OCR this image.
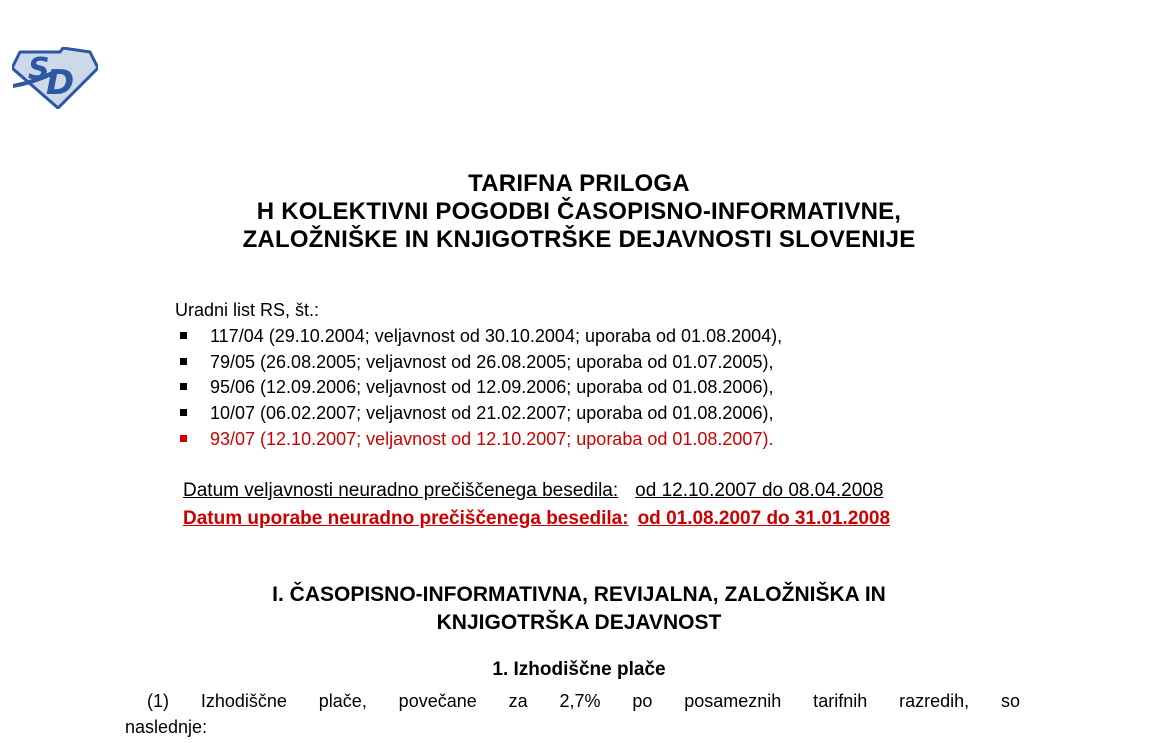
S
D
TARIFNA PRILOGA
H KOLEKTIVNI POGODBI ČASOPISNO-INFORMATIVNE,
ZALOŽNIŠKE IN KNJIGOTRŠKE DEJAVNOSTI SLOVENIJE
Uradni list RS, št.:
117/04 (29.10.2004; veljavnost od 30.10.2004; uporaba od 01.08.2004),
79/05 (26.08.2005; veljavnost od 26.08.2005; uporaba od 01.07.2005),
95/06 (12.09.2006; veljavnost od 12.09.2006; uporaba od 01.08.2006),
10/07 (06.02.2007; veljavnost od 21.02.2007; uporaba od 01.08.2006),
93/07 (12.10.2007; veljavnost od 12.10.2007; uporaba od 01.08.2007).
Datum veljavnosti neuradno prečiščenega besedila: od 12.10.2007 do 08.04.2008
Datum uporabe neuradno prečiščenega besedila: od 01.08.2007 do 31.01.2008
I. ČASOPISNO-INFORMATIVNA, REVIJALNA, ZALOŽNIŠKA IN
KNJIGOTRŠKA DEJAVNOST
1. Izhodiščne plače
(1) Izhodiščne plače, povečane za 2,7% po posameznih tarifnih razredih, so
naslednje:
